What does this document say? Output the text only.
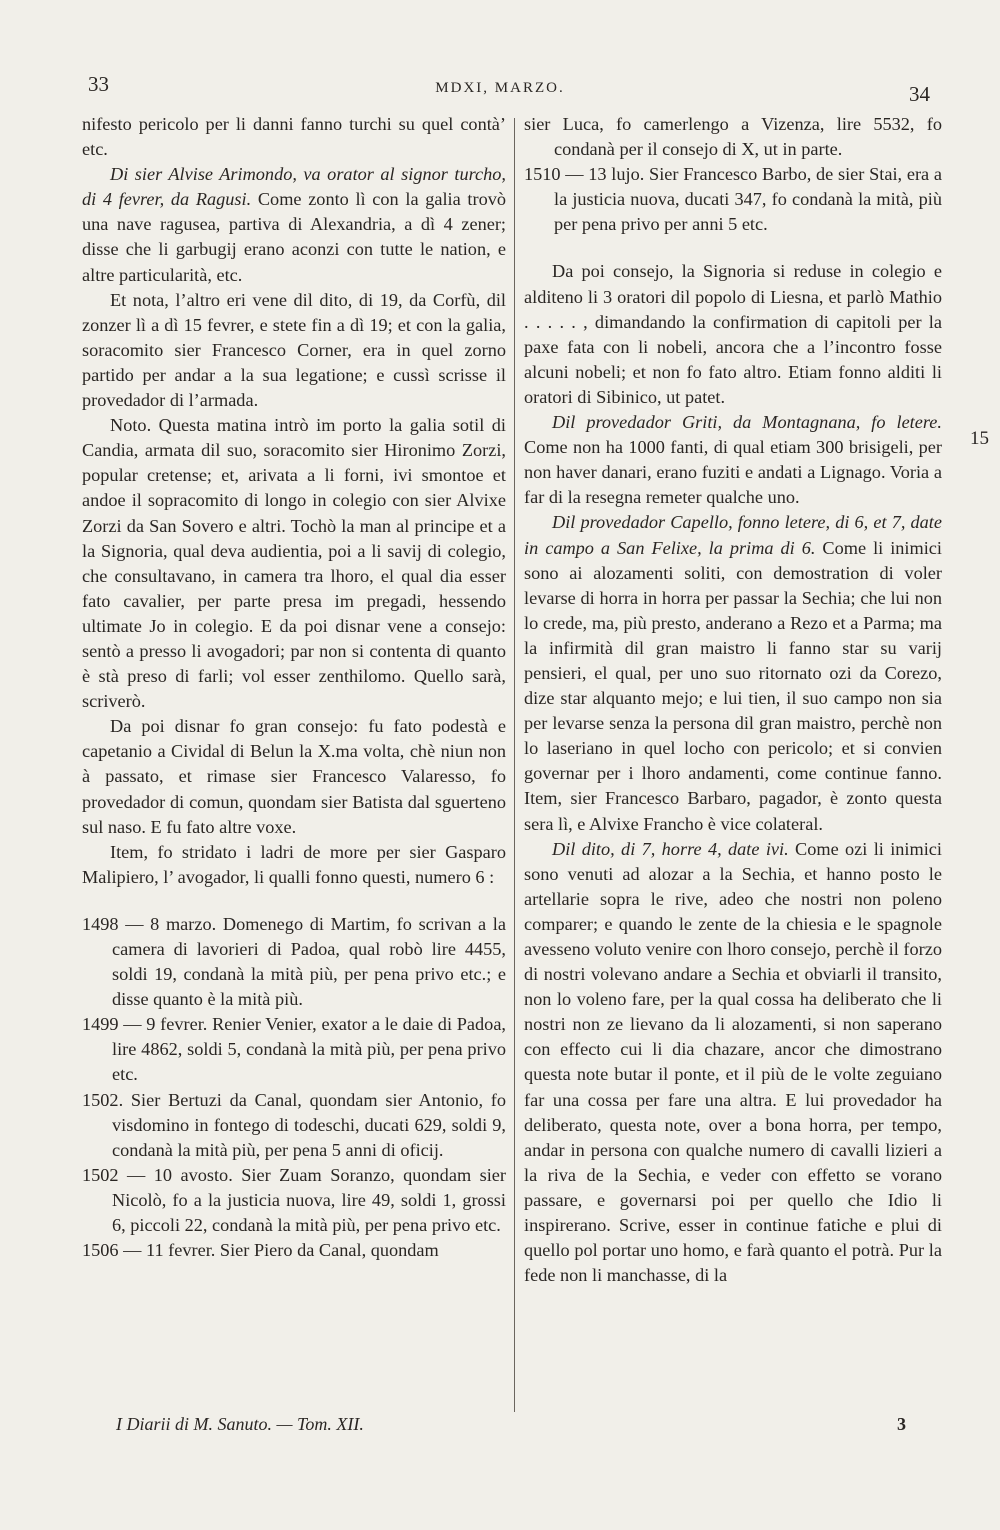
33	MDXI, MARZO.	34

nifesto pericolo per li danni fanno turchi su quel contà’ etc.

Di sier Alvise Arimondo, va orator al signor turcho, di 4 fevrer, da Ragusi. Come zonto lì con la galia trovò una nave ragusea, partiva di Alexandria, a dì 4 zener; disse che li garbugij erano aconzi con tutte le nation, e altre particularità, etc.

Et nota, l’altro eri vene dil dito, di 19, da Corfù, dil zonzer lì a dì 15 fevrer, e stete fin a dì 19; et con la galia, soracomito sier Francesco Corner, era in quel zorno partido per andar a la sua legatione; e cussì scrisse il provedador di l’armada.

Noto. Questa matina intrò im porto la galia sotil di Candia, armata dil suo, soracomito sier Hironimo Zorzi, popular cretense; et, arivata a li forni, ivi smontoe et andoe il sopracomito di longo in colegio con sier Alvixe Zorzi da San Sovero e altri. Tochò la man al principe et a la Signoria, qual deva audientia, poi a li savij di colegio, che consultavano, in camera tra lhoro, el qual dia esser fato cavalier, per parte presa im pregadi, hessendo ultimate Jo in colegio. E da poi disnar vene a consejo: sentò a presso li avogadori; par non si contenta di quanto è stà preso di farli; vol esser zenthilomo. Quello sarà, scriverò.

Da poi disnar fo gran consejo: fu fato podestà e capetanio a Cividal di Belun la X.ma volta, chè niun non à passato, et rimase sier Francesco Valaresso, fo provedador di comun, quondam sier Batista dal sguerteno sul naso. E fu fato altre voxe.

Item, fo stridato i ladri de more per sier Gasparo Malipiero, l’ avogador, li qualli fonno questi, numero 6 :

1498 — 8 marzo. Domenego di Martim, fo scrivan a la camera di lavorieri di Padoa, qual robò lire 4455, soldi 19, condanà la mità più, per pena privo etc.; e disse quanto è la mità più.

1499 — 9 fevrer. Renier Venier, exator a le daie di Padoa, lire 4862, soldi 5, condanà la mità più, per pena privo etc.

1502. Sier Bertuzi da Canal, quondam sier Antonio, fo visdomino in fontego di todeschi, ducati 629, soldi 9, condanà la mità più, per pena 5 anni di oficij.

1502 — 10 avosto. Sier Zuam Soranzo, quondam sier Nicolò, fo a la justicia nuova, lire 49, soldi 1, grossi 6, piccoli 22, condanà la mità più, per pena privo etc.

1506 — 11 fevrer. Sier Piero da Canal, quondam

sier Luca, fo camerlengo a Vizenza, lire 5532, fo condanà per il consejo di X, ut in parte.

1510 — 13 lujo. Sier Francesco Barbo, de sier Stai, era a la justicia nuova, ducati 347, fo condanà la mità, più per pena privo per anni 5 etc.

Da poi consejo, la Signoria si reduse in colegio e alditeno li 3 oratori dil popolo di Liesna, et parlò Mathio . . . . . , dimandando la confirmation di capitoli per la paxe fata con li nobeli, ancora che a l’incontro fosse alcuni nobeli; et non fo fato altro. Etiam fonno alditi li oratori di Sibinico, ut patet.

Dil provedador Griti, da Montagnana, fo letere. Come non ha 1000 fanti, di qual etiam 300 brisigeli, per non haver danari, erano fuziti e andati a Lignago. Voria a far di la resegna remeter qualche uno.

Dil provedador Capello, fonno letere, di 6, et 7, date in campo a San Felixe, la prima di 6. Come li inimici sono ai alozamenti soliti, con demostration di voler levarse di horra in horra per passar la Sechia; che lui non lo crede, ma, più presto, anderano a Rezo et a Parma; ma la infirmità dil gran maistro li fanno star su varij pensieri, el qual, per uno suo ritornato ozi da Corezo, dize star alquanto mejo; e lui tien, il suo campo non sia per levarse senza la persona dil gran maistro, perchè non lo laseriano in quel locho con pericolo; et si convien governar per i lhoro andamenti, come continue fanno. Item, sier Francesco Barbaro, pagador, è zonto questa sera lì, e Alvixe Francho è vice colateral.

Dil dito, di 7, horre 4, date ivi. Come ozi li inimici sono venuti ad alozar a la Sechia, et hanno posto le artellarie sopra le rive, adeo che nostri non poleno comparer; e quando le zente de la chiesia e le spagnole avesseno voluto venire con lhoro consejo, perchè il forzo di nostri volevano andare a Sechia et obviarli il transito, non lo voleno fare, per la qual cossa ha deliberato che li nostri non ze lievano da li alozamenti, si non saperano con effecto cui li dia chazare, ancor che dimostrano questa note butar il ponte, et il più de le volte zeguiano far una cossa per fare una altra. E lui provedador ha deliberato, questa note, over a bona horra, per tempo, andar in persona con qualche numero di cavalli lizieri a la riva de la Sechia, e veder con effetto se vorano passare, e governarsi poi per quello che Idio li inspirerano. Scrive, esser in continue fatiche e plui di quello pol portar uno homo, e farà quanto el potrà. Pur la fede non li manchasse, di la

15
I Diarii di M. Sanuto. — Tom. XII.	3
